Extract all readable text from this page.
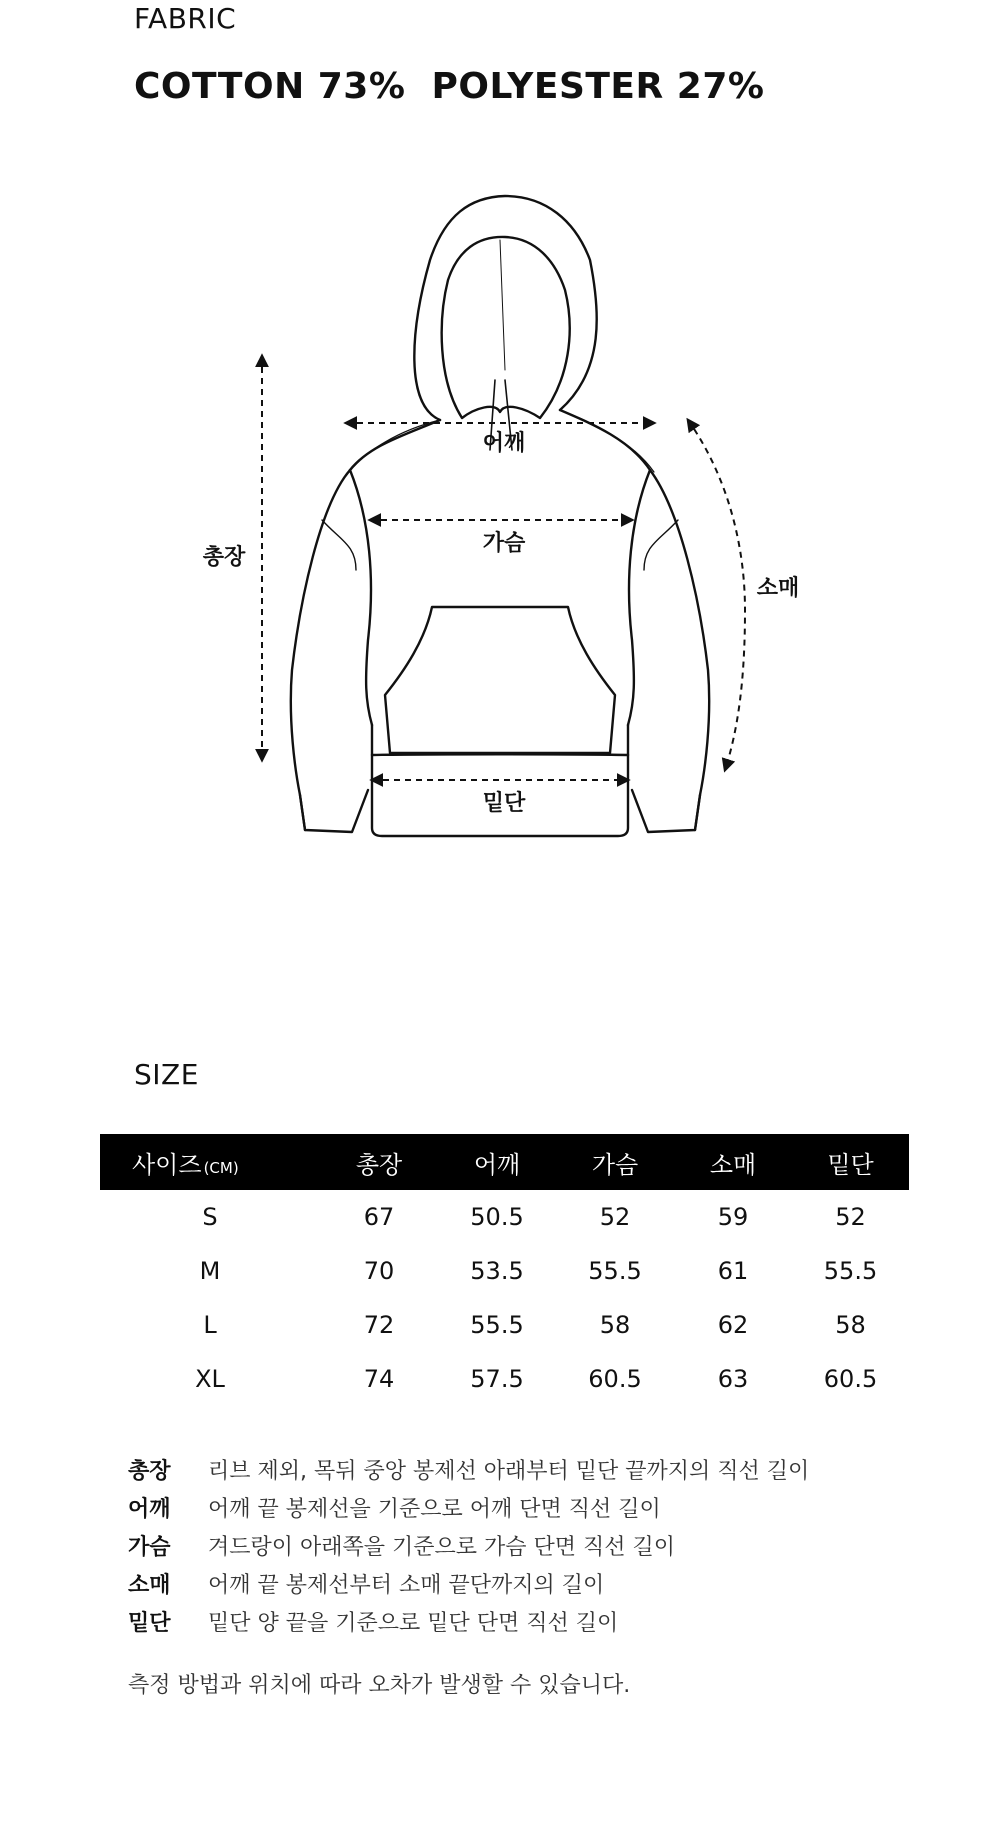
FABRIC
COTTON 73%  POLYESTER 27%
어깨
가슴
총장
소매
밑단
SIZE
사이즈 (CM)	총장	어깨	가슴	소매	밑단
S	67	50.5	52	59	52
M	70	53.5	55.5	61	55.5
L	72	55.5	58	62	58
XL	74	57.5	60.5	63	60.5
총장	리브 제외, 목뒤 중앙 봉제선 아래부터 밑단 끝까지의 직선 길이
어깨	어깨 끝 봉제선을 기준으로 어깨 단면 직선 길이
가슴	겨드랑이 아래쪽을 기준으로 가슴 단면 직선 길이
소매	어깨 끝 봉제선부터 소매 끝단까지의 길이
밑단	밑단 양 끝을 기준으로 밑단 단면 직선 길이
측정 방법과 위치에 따라 오차가 발생할 수 있습니다.
